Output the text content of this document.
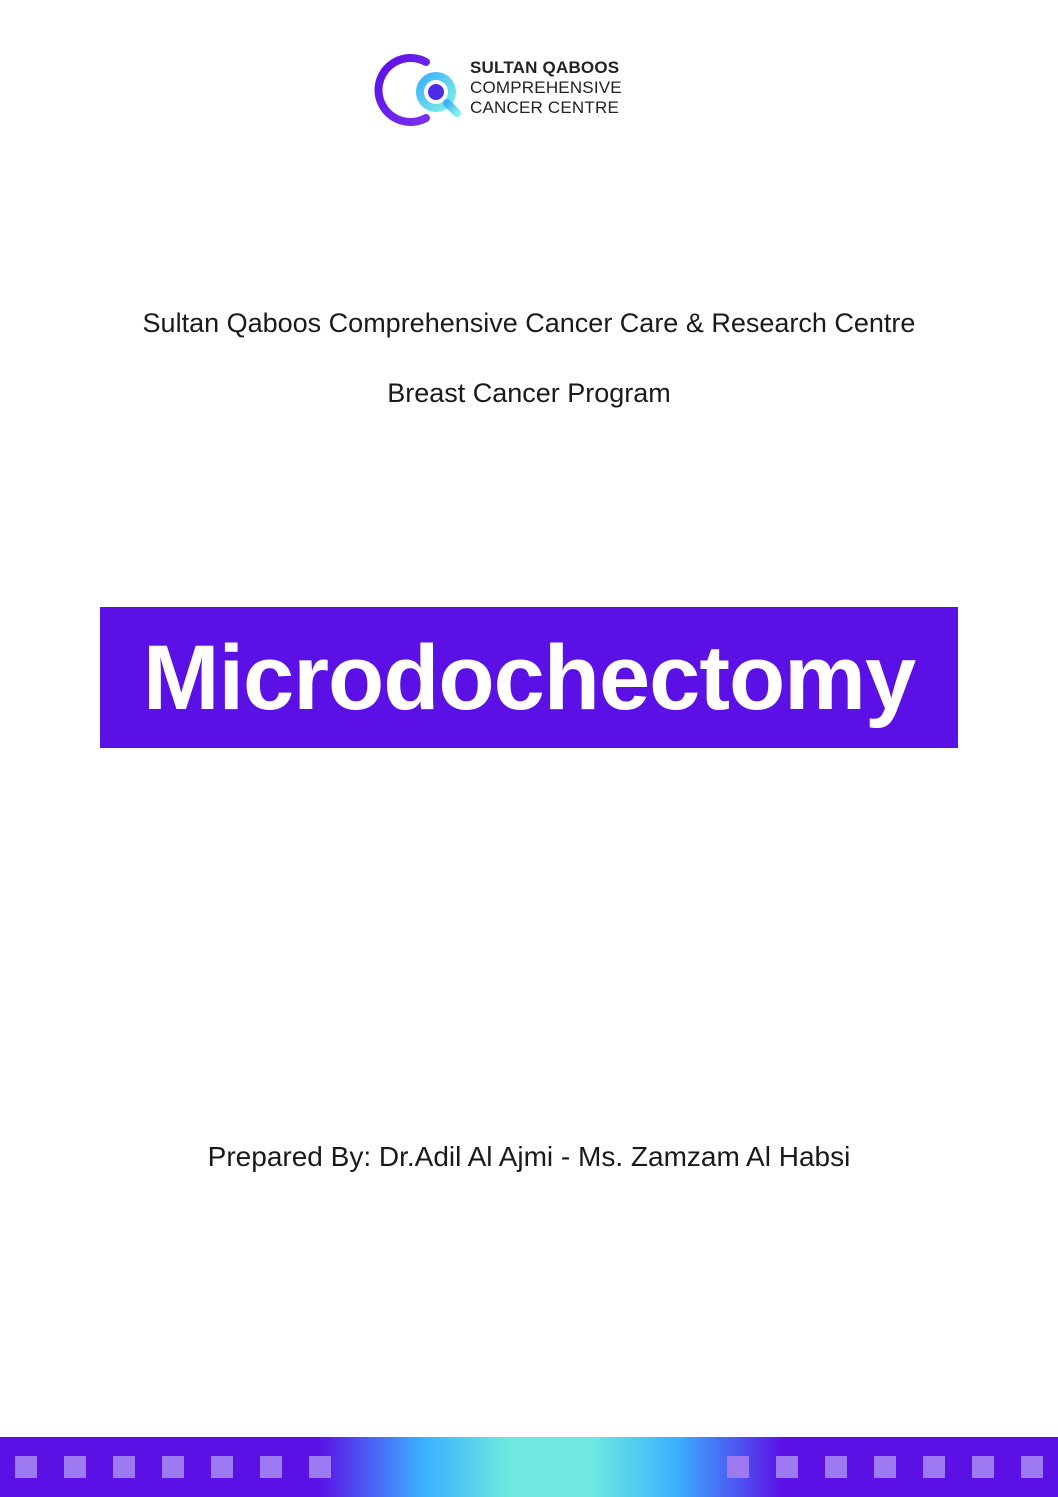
SULTAN QABOOS
COMPREHENSIVE
CANCER CENTRE
Sultan Qaboos Comprehensive Cancer Care & Research Centre
Breast Cancer Program
Microdochectomy
Prepared By: Dr.Adil Al Ajmi - Ms. Zamzam Al Habsi
